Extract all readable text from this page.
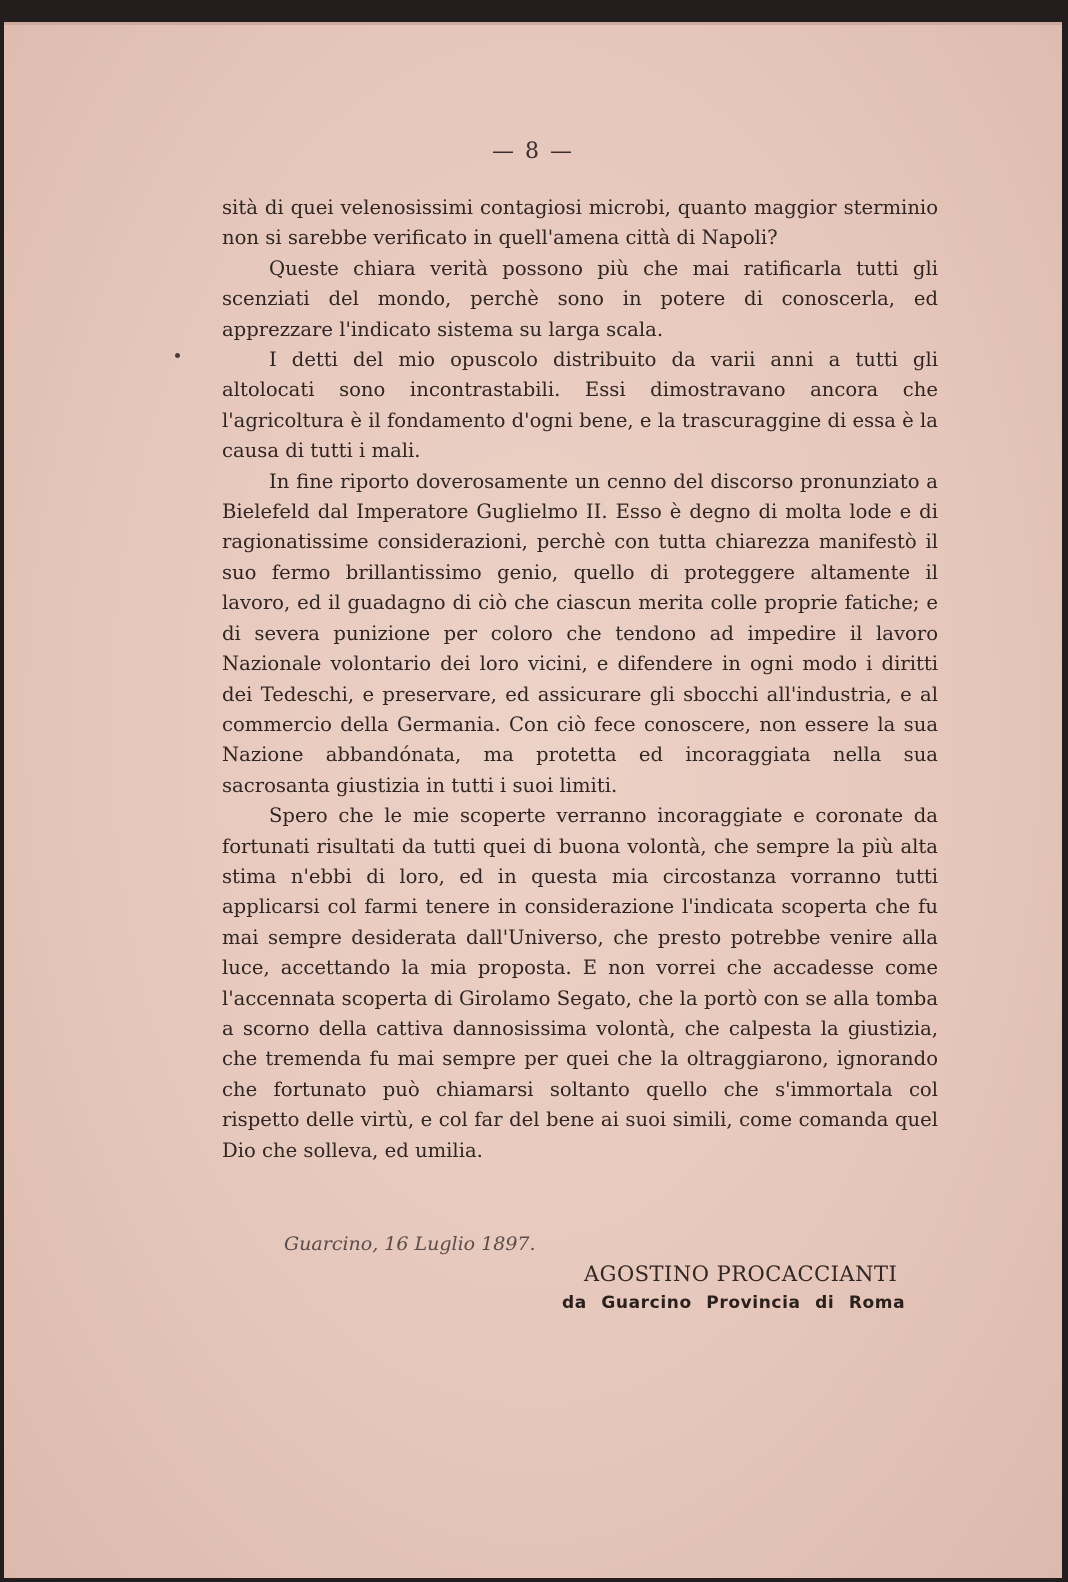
— 8 —

sità di quei velenosissimi contagiosi microbi, quanto maggior sterminio non si sarebbe verificato in quell'amena città di Napoli?

Queste chiara verità possono più che mai ratificarla tutti gli scenziati del mondo, perchè sono in potere di conoscerla, ed apprezzare l'indicato sistema su larga scala.

I detti del mio opuscolo distribuito da varii anni a tutti gli altolocati sono incontrastabili. Essi dimostravano ancora che l'agricoltura è il fondamento d'ogni bene, e la trascuraggine di essa è la causa di tutti i mali.

In fine riporto doverosamente un cenno del discorso pronunziato a Bielefeld dal Imperatore Guglielmo II. Esso è degno di molta lode e di ragionatissime considerazioni, perchè con tutta chiarezza manifestò il suo fermo brillantissimo genio, quello di proteggere altamente il lavoro, ed il guadagno di ciò che ciascun merita colle proprie fatiche; e di severa punizione per coloro che tendono ad impedire il lavoro Nazionale volontario dei loro vicini, e difendere in ogni modo i diritti dei Tedeschi, e preservare, ed assicurare gli sbocchi all'industria, e al commercio della Germania. Con ciò fece conoscere, non essere la sua Nazione abbandónata, ma protetta ed incoraggiata nella sua sacrosanta giustizia in tutti i suoi limiti.

Spero che le mie scoperte verranno incoraggiate e coronate da fortunati risultati da tutti quei di buona volontà, che sempre la più alta stima n'ebbi di loro, ed in questa mia circostanza vorranno tutti applicarsi col farmi tenere in considerazione l'indicata scoperta che fu mai sempre desiderata dall'Universo, che presto potrebbe venire alla luce, accettando la mia proposta. E non vorrei che accadesse come l'accennata scoperta di Girolamo Segato, che la portò con se alla tomba a scorno della cattiva dannosissima volontà, che calpesta la giustizia, che tremenda fu mai sempre per quei che la oltraggiarono, ignorando che fortunato può chiamarsi soltanto quello che s'immortala col rispetto delle virtù, e col far del bene ai suoi simili, come comanda quel Dio che solleva, ed umilia.

Guarcino, 16 Luglio 1897.
AGOSTINO PROCACCIANTI
da Guarcino Provincia di Roma
